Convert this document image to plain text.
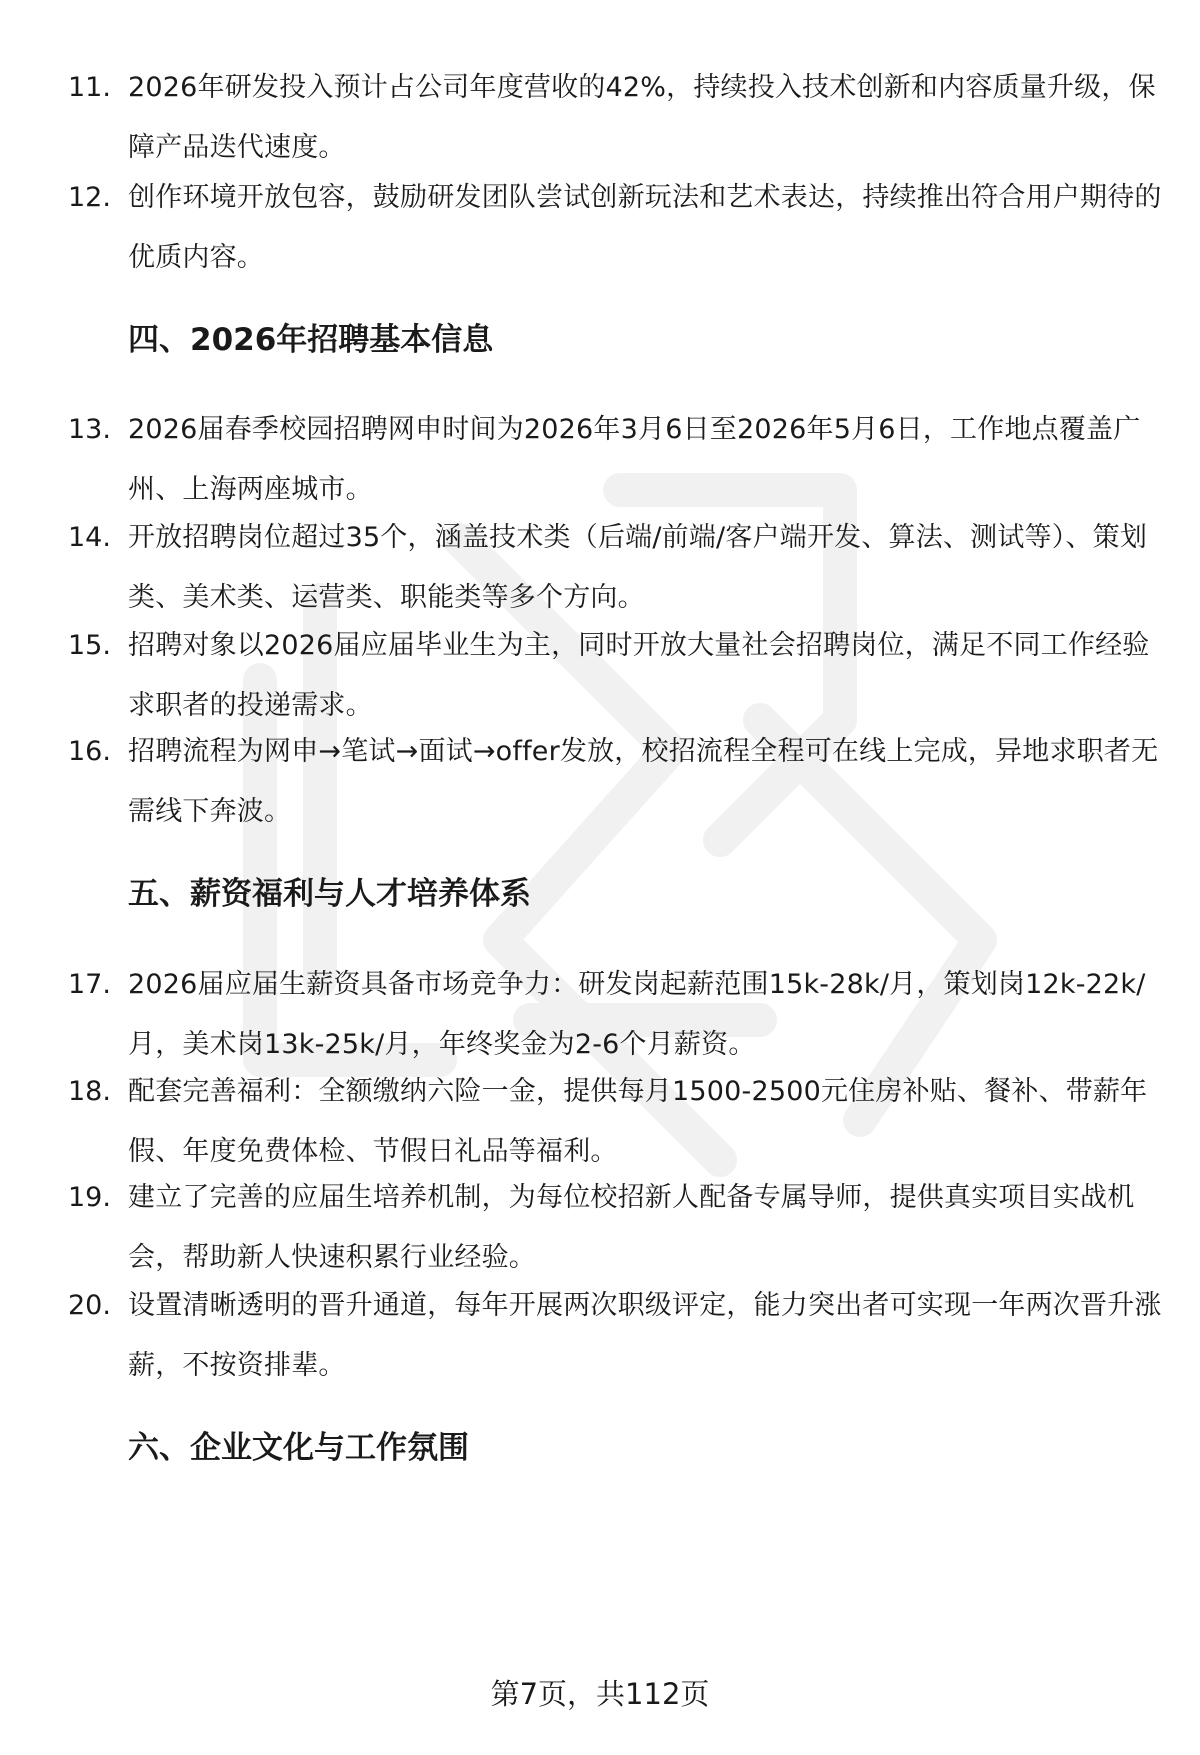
11. 2026年研发投入预计占公司年度营收的42%，持续投入技术创新和内容质量升级，保障产品迭代速度。
12. 创作环境开放包容，鼓励研发团队尝试创新玩法和艺术表达，持续推出符合用户期待的优质内容。
四、2026年招聘基本信息
13. 2026届春季校园招聘网申时间为2026年3月6日至2026年5月6日，工作地点覆盖广州、上海两座城市。
14. 开放招聘岗位超过35个，涵盖技术类（后端/前端/客户端开发、算法、测试等）、策划类、美术类、运营类、职能类等多个方向。
15. 招聘对象以2026届应届毕业生为主，同时开放大量社会招聘岗位，满足不同工作经验求职者的投递需求。
16. 招聘流程为网申→笔试→面试→offer发放，校招流程全程可在线上完成，异地求职者无需线下奔波。
五、薪资福利与人才培养体系
17. 2026届应届生薪资具备市场竞争力：研发岗起薪范围15k-28k/月，策划岗12k-22k/月，美术岗13k-25k/月，年终奖金为2-6个月薪资。
18. 配套完善福利：全额缴纳六险一金，提供每月1500-2500元住房补贴、餐补、带薪年假、年度免费体检、节假日礼品等福利。
19. 建立了完善的应届生培养机制，为每位校招新人配备专属导师，提供真实项目实战机会，帮助新人快速积累行业经验。
20. 设置清晰透明的晋升通道，每年开展两次职级评定，能力突出者可实现一年两次晋升涨薪，不按资排辈。
六、企业文化与工作氛围
第7页，共112页
